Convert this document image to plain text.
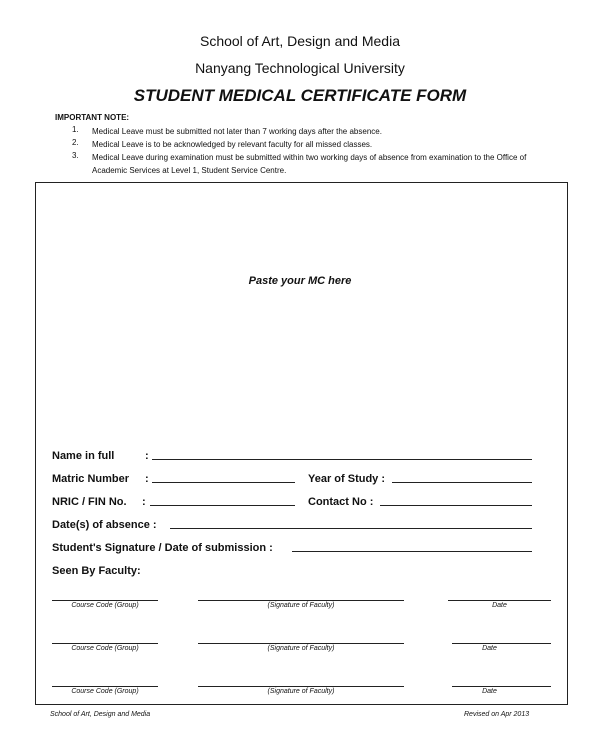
School of Art, Design and Media
Nanyang Technological University
STUDENT MEDICAL CERTIFICATE FORM
IMPORTANT NOTE:
1. Medical Leave must be submitted not later than 7 working days after the absence.
2. Medical Leave is to be acknowledged by relevant faculty for all missed classes.
3. Medical Leave during examination must be submitted within two working days of absence from examination to the Office of Academic Services at Level 1, Student Service Centre.
Paste your MC here
Name in full	:
Matric Number :	Year of Study :
NRIC / FIN No. :	Contact No :
Date(s) of absence :
Student's Signature / Date of submission :
Seen By Faculty:
Course Code (Group)	(Signature of Faculty)	Date
Course Code (Group)	(Signature of Faculty)	Date
Course Code (Group)	(Signature of Faculty)	Date
School of Art, Design and Media	Revised on Apr 2013
